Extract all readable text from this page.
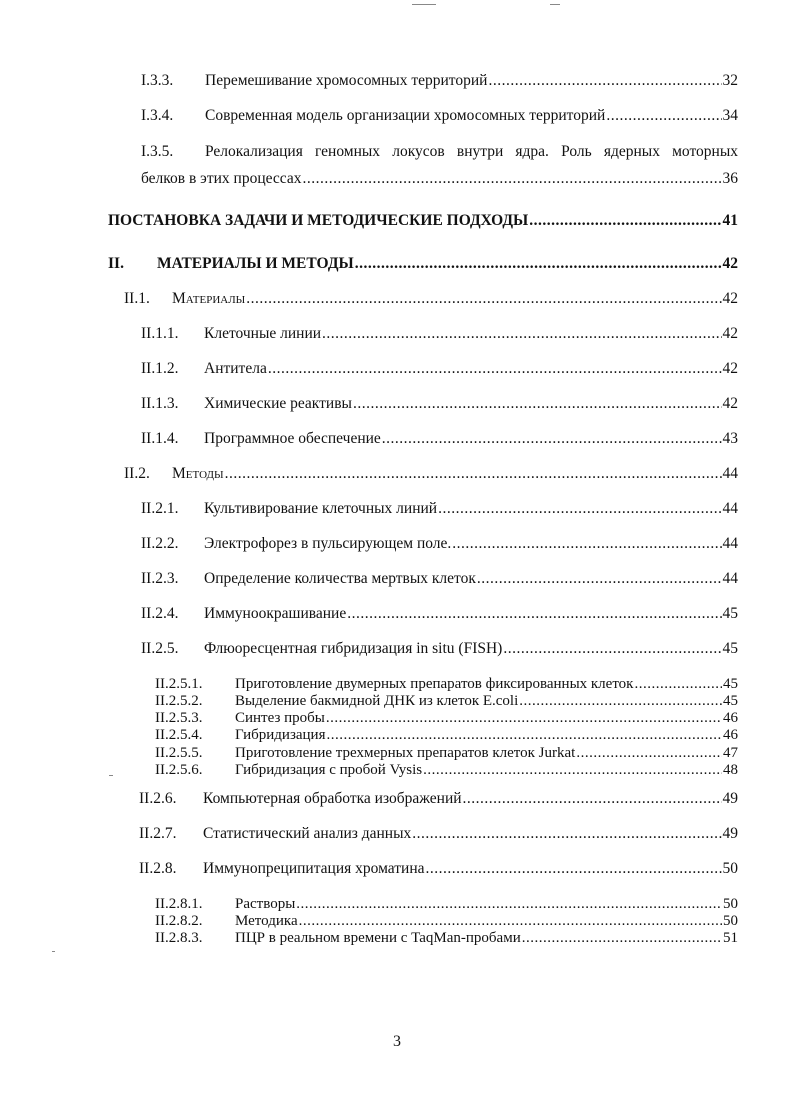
I.3.3.	Перемешивание хромосомных территорий .....	32
I.3.4.	Современная модель организации хромосомных территорий .....	34
I.3.5.	Релокализация геномных локусов внутри ядра. Роль ядерных моторных
белков в этих процессах .....	36
ПОСТАНОВКА ЗАДАЧИ И МЕТОДИЧЕСКИЕ ПОДХОДЫ .....	41
II.	МАТЕРИАЛЫ И МЕТОДЫ .....	42
II.1.	Материалы .....	42
II.1.1.	Клеточные линии .....	42
II.1.2.	Антитела .....	42
II.1.3.	Химические реактивы .....	42
II.1.4.	Программное обеспечение .....	43
II.2.	Методы .....	44
II.2.1.	Культивирование клеточных линий .....	44
II.2.2.	Электрофорез в пульсирующем поле. .....	44
II.2.3.	Определение количества мертвых клеток .....	44
II.2.4.	Иммуноокрашивание .....	45
II.2.5.	Флюоресцентная гибридизация in situ (FISH) .....	45
II.2.5.1.	Приготовление двумерных препаратов фиксированных клеток .....	45
II.2.5.2.	Выделение бакмидной ДНК из клеток E.coli .....	45
II.2.5.3.	Синтез пробы .....	46
II.2.5.4.	Гибридизация .....	46
II.2.5.5.	Приготовление трехмерных препаратов клеток Jurkat .....	47
II.2.5.6.	Гибридизация с пробой Vysis .....	48
II.2.6.	Компьютерная обработка изображений .....	49
II.2.7.	Статистический анализ данных .....	49
II.2.8.	Иммунопреципитация хроматина .....	50
II.2.8.1.	Растворы .....	50
II.2.8.2.	Методика .....	50
II.2.8.3.	ПЦР в реальном времени с TaqMan-пробами .....	51
3
